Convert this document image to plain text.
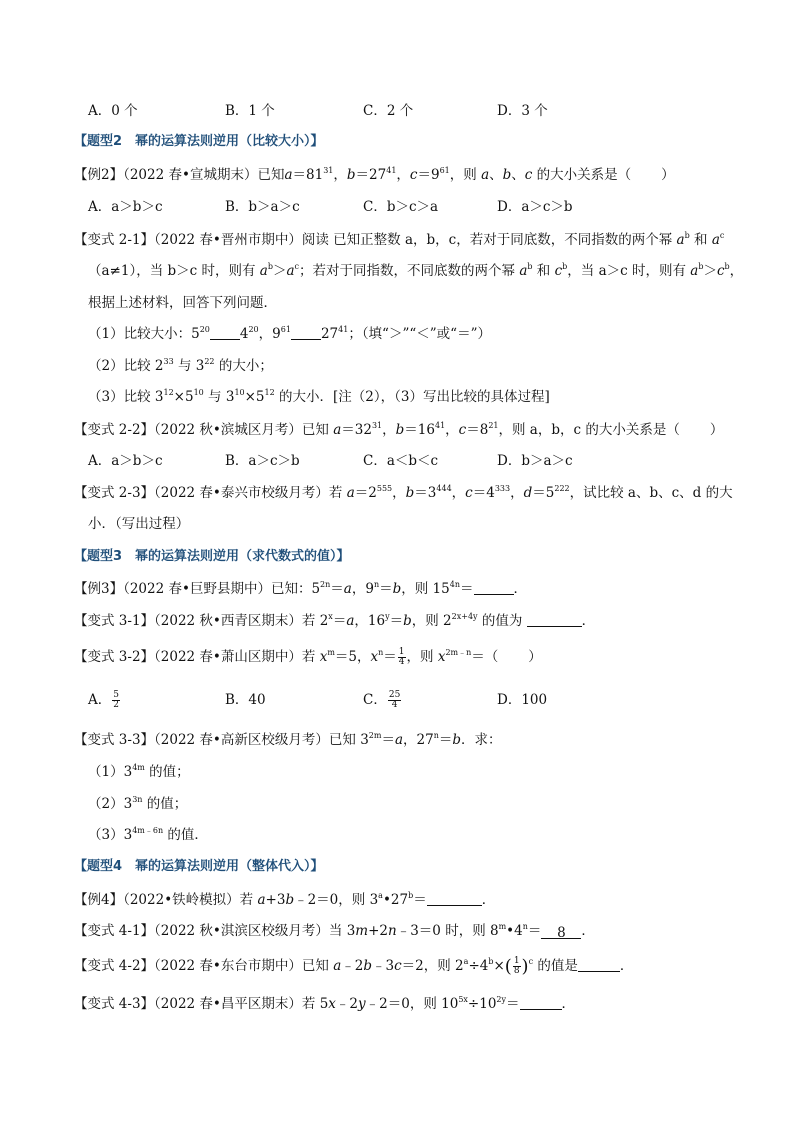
A．0 个	B．1 个	C．2 个	D．3 个
【题型2　幂的运算法则逆用（比较大小）】
【例2】（2022 春•宣城期末）已知$a=81^{31}$，$b=27^{41}$，$c=9^{61}$，则 a、b、c 的大小关系是（ ）
A．a＞b＞c	B．b＞a＞c	C．b＞c＞a	D．a＞c＞b
【变式 2-1】（2022 春•晋州市期中）阅读 已知正整数 a，b，c，若对于同底数，不同指数的两个幂 $a^b$ 和 $a^c$
（a≠1），当 b＞c 时，则有 $a^b>a^c$；若对于同指数，不同底数的两个幂 $a^b$ 和 $c^b$，当 a＞c 时，则有 $a^b>c^b$，
根据上述材料，回答下列问题．
（1）比较大小：$5^{20}$ $4^{20}$，$9^{61}$ $27^{41}$；（填“＞”“＜”或“＝”）
（2）比较 $2^{33}$ 与 $3^{22}$ 的大小；
（3）比较 $3^{12}\times 5^{10}$ 与 $3^{10}\times 5^{12}$ 的大小．[注（2），（3）写出比较的具体过程]
【变式 2-2】（2022 秋•滨城区月考）已知 $a=32^{31}$，$b=16^{41}$，$c=8^{21}$，则 a，b，c 的大小关系是（ ）
A．a＞b＞c	B．a＞c＞b	C．a＜b＜c	D．b＞a＞c
【变式 2-3】（2022 春•泰兴市校级月考）若 $a=2^{555}$，$b=3^{444}$，$c=4^{333}$，$d=5^{222}$，试比较 a、b、c、d 的大
小．（写出过程）
【题型3　幂的运算法则逆用（求代数式的值）】
【例3】（2022 春•巨野县期中）已知：$5^{2n}=a$，$9^n=b$，则 $15^{4n}=$	．
【变式 3-1】（2022 秋•西青区期末）若 $2^x=a$，$16^y=b$，则 $2^{2x+4y}$ 的值为	．
【变式 3-2】（2022 春•萧山区期中）若 $x^m=5$，$x^n= \frac{1}{4}$ ，则 $x^{2m﹣n}=$（ ）
A． $\frac{5}{2}$	B．40	C． $\frac{25}{4}$	D．100
【变式 3-3】（2022 春•高新区校级月考）已知 $3^{2m}=a$，$27^n=b$．求：
$(1)3^{4m}$ 的值；
$(2)3^{3n}$ 的值；
$(3)3^{4m﹣6n}$ 的值．
【题型4　幂的运算法则逆用（整体代入）】
【例4】（2022•铁岭模拟）若 a+3b﹣2＝0，则 $3^a•27^b=$	．
【变式 4-1】（2022 秋•淇滨区校级月考）当 3m+2n﹣3＝0 时，则 $8^m•4^n= 8$ ．
【变式 4-2】（2022 春•东台市期中）已知 a﹣2b﹣3c＝2，则 $2^a\div 4^b\times( \frac{1}{8} )^c$ 的值是	．
【变式 4-3】（2022 春•昌平区期末）若 5x﹣2y﹣2＝0，则 $10^{5x}\div 10^{2y}=$	．
